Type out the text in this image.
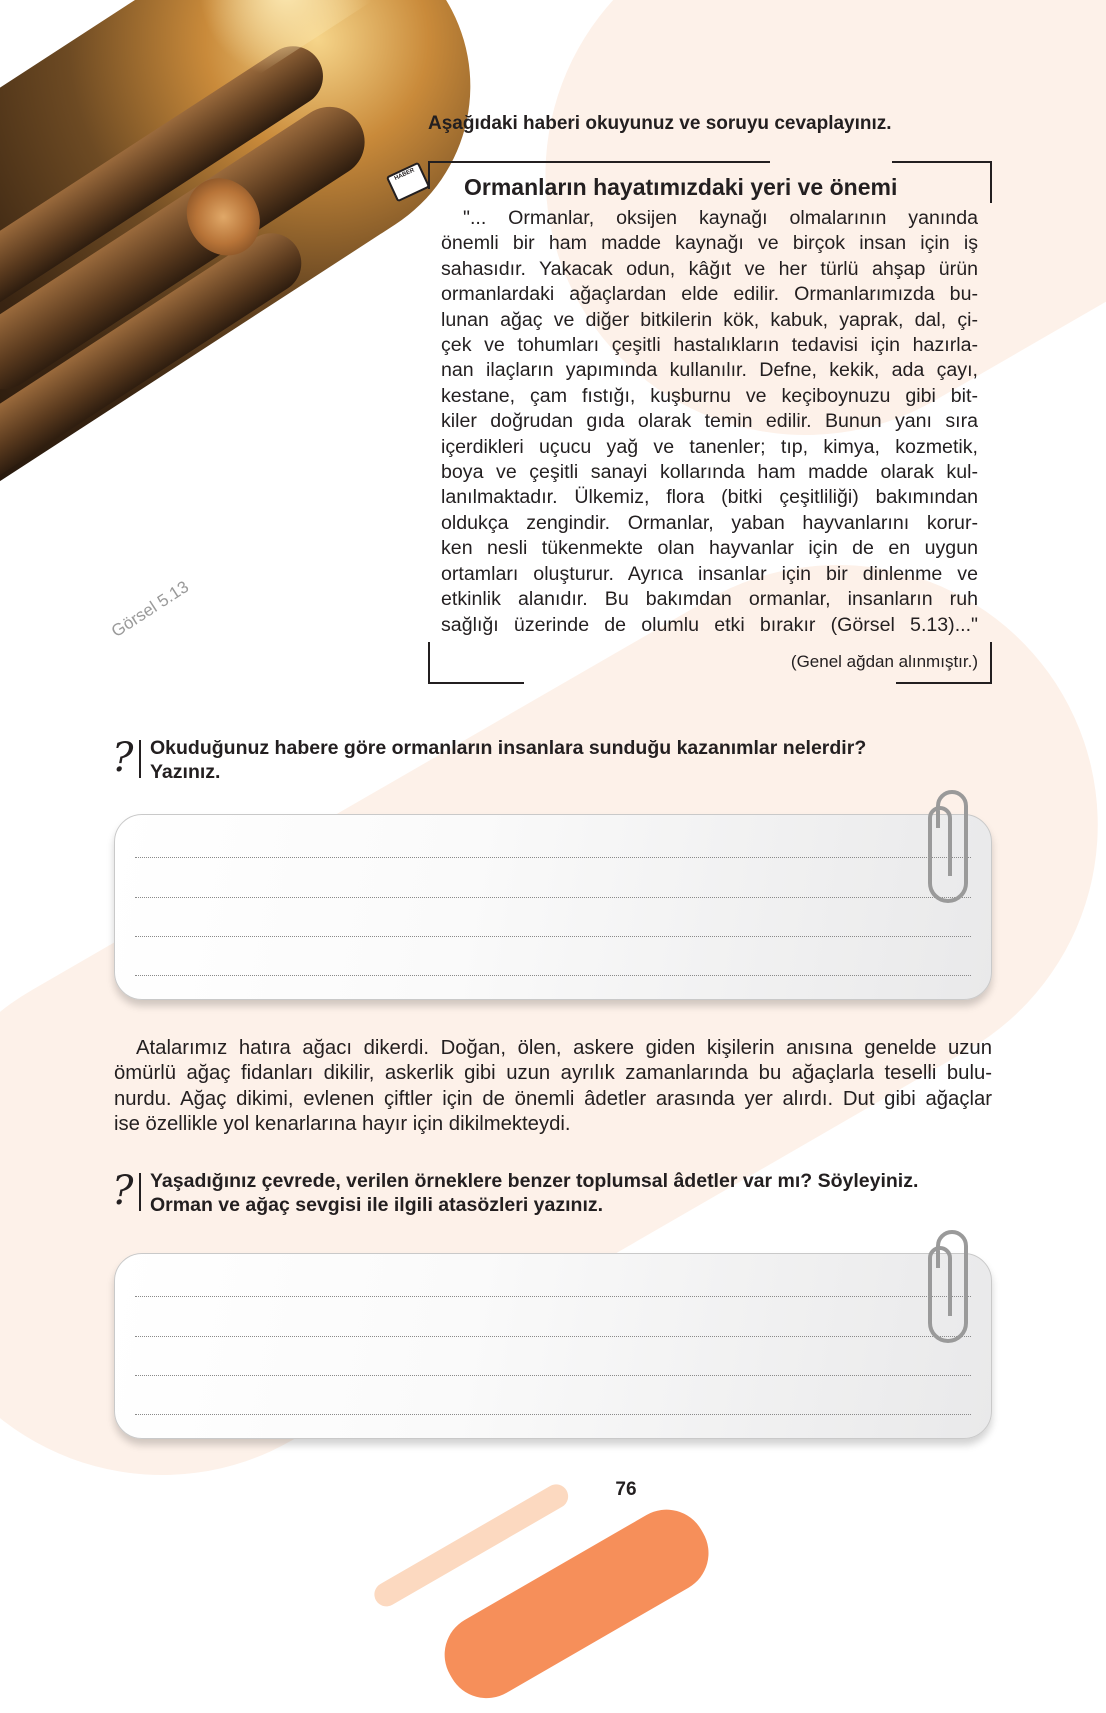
Görsel 5.13
Aşağıdaki haberi okuyunuz ve soruyu cevaplayınız.
HABER	Ormanların hayatımızdaki yeri ve önemi
"... Ormanlar, oksijen kaynağı olmalarının yanında
önemli bir ham madde kaynağı ve birçok insan için iş
sahasıdır. Yakacak odun, kâğıt ve her türlü ahşap ürün
ormanlardaki ağaçlardan elde edilir. Ormanlarımızda bu-
lunan ağaç ve diğer bitkilerin kök, kabuk, yaprak, dal, çi-
çek ve tohumları çeşitli hastalıkların tedavisi için hazırla-
nan ilaçların yapımında kullanılır. Defne, kekik, ada çayı,
kestane, çam fıstığı, kuşburnu ve keçiboynuzu gibi bit-
kiler doğrudan gıda olarak temin edilir. Bunun yanı sıra
içerdikleri uçucu yağ ve tanenler; tıp, kimya, kozmetik,
boya ve çeşitli sanayi kollarında ham madde olarak kul-
lanılmaktadır. Ülkemiz, flora (bitki çeşitliliği) bakımından
oldukça zengindir. Ormanlar, yaban hayvanlarını korur-
ken nesli tükenmekte olan hayvanlar için de en uygun
ortamları oluşturur. Ayrıca insanlar için bir dinlenme ve
etkinlik alanıdır. Bu bakımdan ormanlar, insanların ruh
sağlığı üzerinde de olumlu etki bırakır (Görsel 5.13)..."
(Genel ağdan alınmıştır.)
? Okuduğunuz habere göre ormanların insanlara sunduğu kazanımlar nelerdir?
Yazınız.
Atalarımız hatıra ağacı dikerdi. Doğan, ölen, askere giden kişilerin anısına genelde uzun
ömürlü ağaç fidanları dikilir, askerlik gibi uzun ayrılık zamanlarında bu ağaçlarla teselli bulu-
nurdu. Ağaç dikimi, evlenen çiftler için de önemli âdetler arasında yer alırdı. Dut gibi ağaçlar
ise özellikle yol kenarlarına hayır için dikilmekteydi.
? Yaşadığınız çevrede, verilen örneklere benzer toplumsal âdetler var mı? Söyleyiniz.
Orman ve ağaç sevgisi ile ilgili atasözleri yazınız.
76
